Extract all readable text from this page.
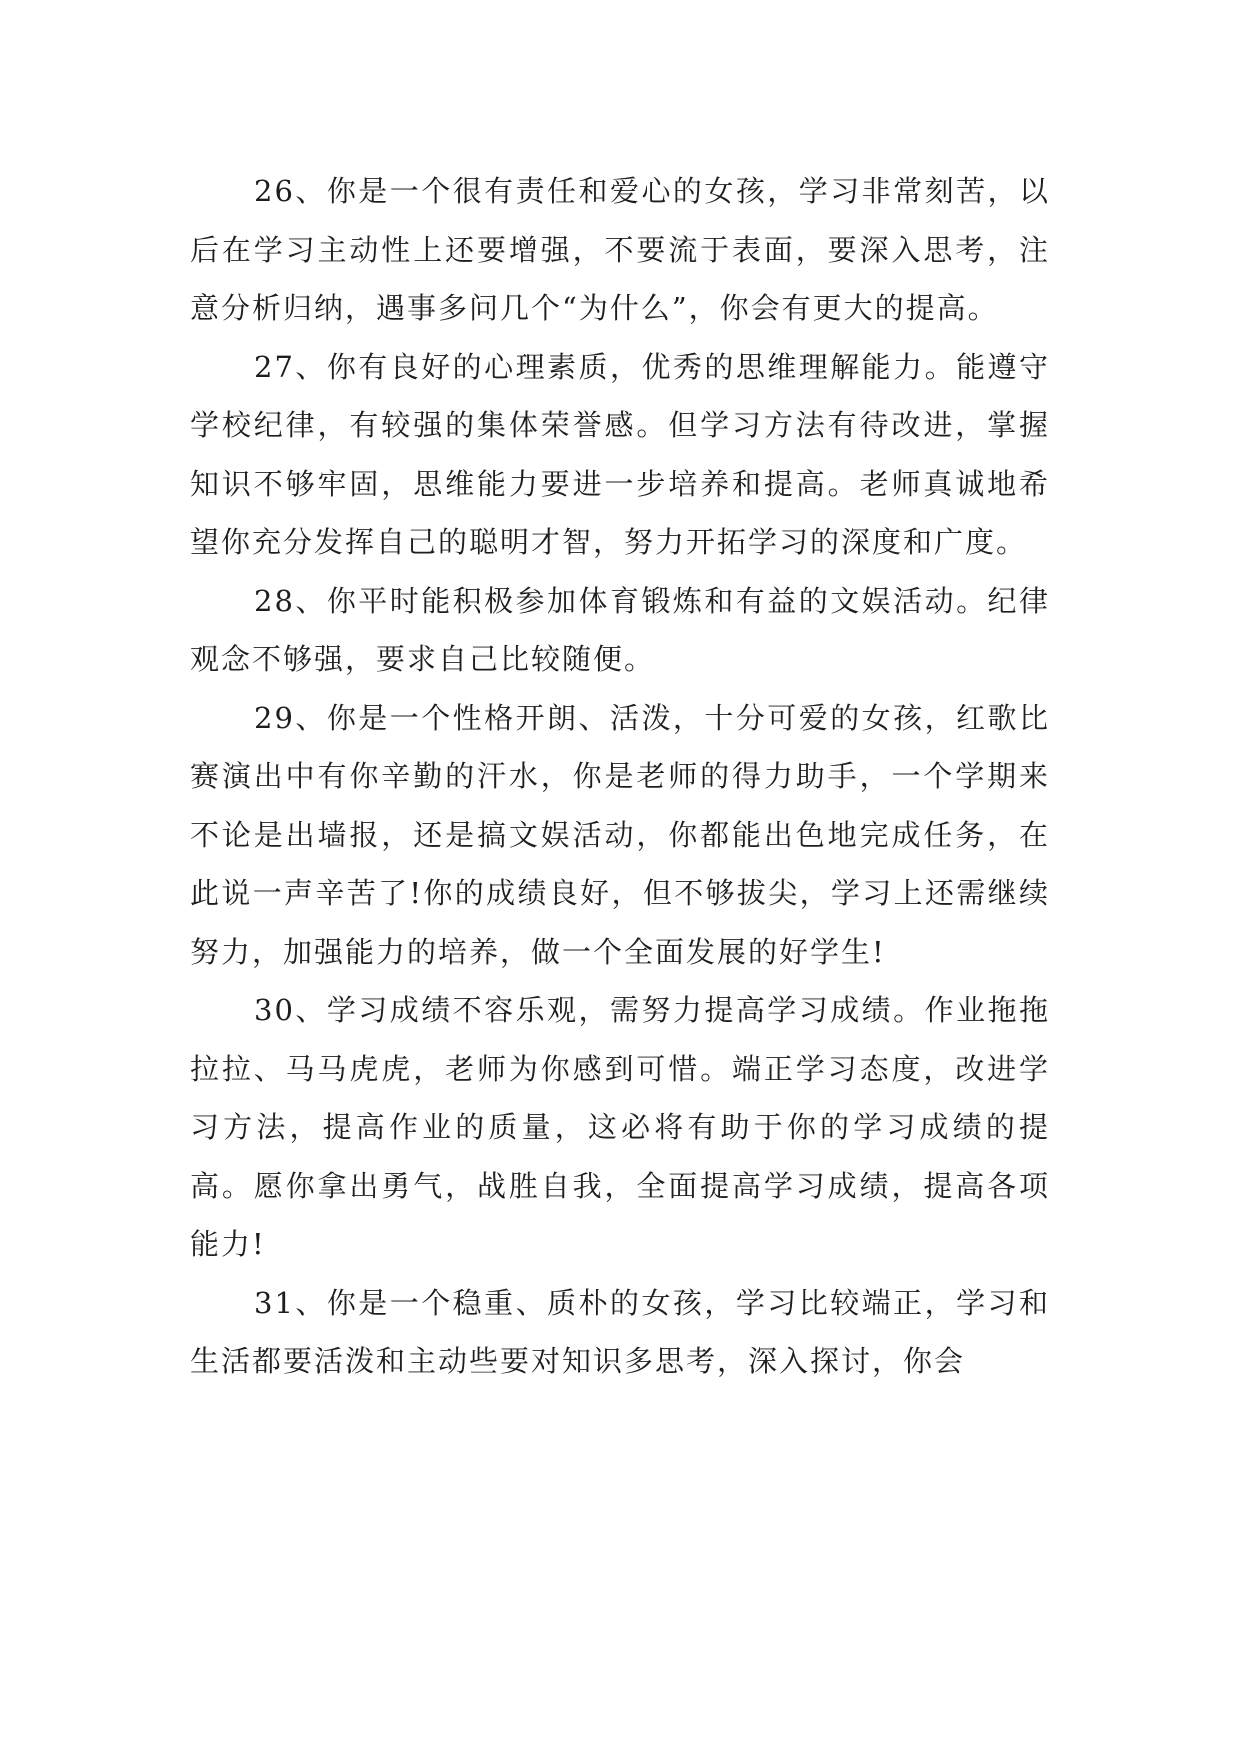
26、你是一个很有责任和爱心的女孩，学习非常刻苦，以后在学习主动性上还要增强，不要流于表面，要深入思考，注意分析归纳，遇事多问几个“为什么”，你会有更大的提高。

27、你有良好的心理素质，优秀的思维理解能力。能遵守学校纪律，有较强的集体荣誉感。但学习方法有待改进，掌握知识不够牢固，思维能力要进一步培养和提高。老师真诚地希望你充分发挥自己的聪明才智，努力开拓学习的深度和广度。

28、你平时能积极参加体育锻炼和有益的文娱活动。纪律观念不够强，要求自己比较随便。

29、你是一个性格开朗、活泼，十分可爱的女孩，红歌比赛演出中有你辛勤的汗水，你是老师的得力助手，一个学期来不论是出墙报，还是搞文娱活动，你都能出色地完成任务，在此说一声辛苦了!你的成绩良好，但不够拔尖，学习上还需继续努力，加强能力的培养，做一个全面发展的好学生!

30、学习成绩不容乐观，需努力提高学习成绩。作业拖拖拉拉、马马虎虎，老师为你感到可惜。端正学习态度，改进学习方法，提高作业的质量，这必将有助于你的学习成绩的提高。愿你拿出勇气，战胜自我，全面提高学习成绩，提高各项能力!

31、你是一个稳重、质朴的女孩，学习比较端正，学习和生活都要活泼和主动些要对知识多思考，深入探讨，你会
